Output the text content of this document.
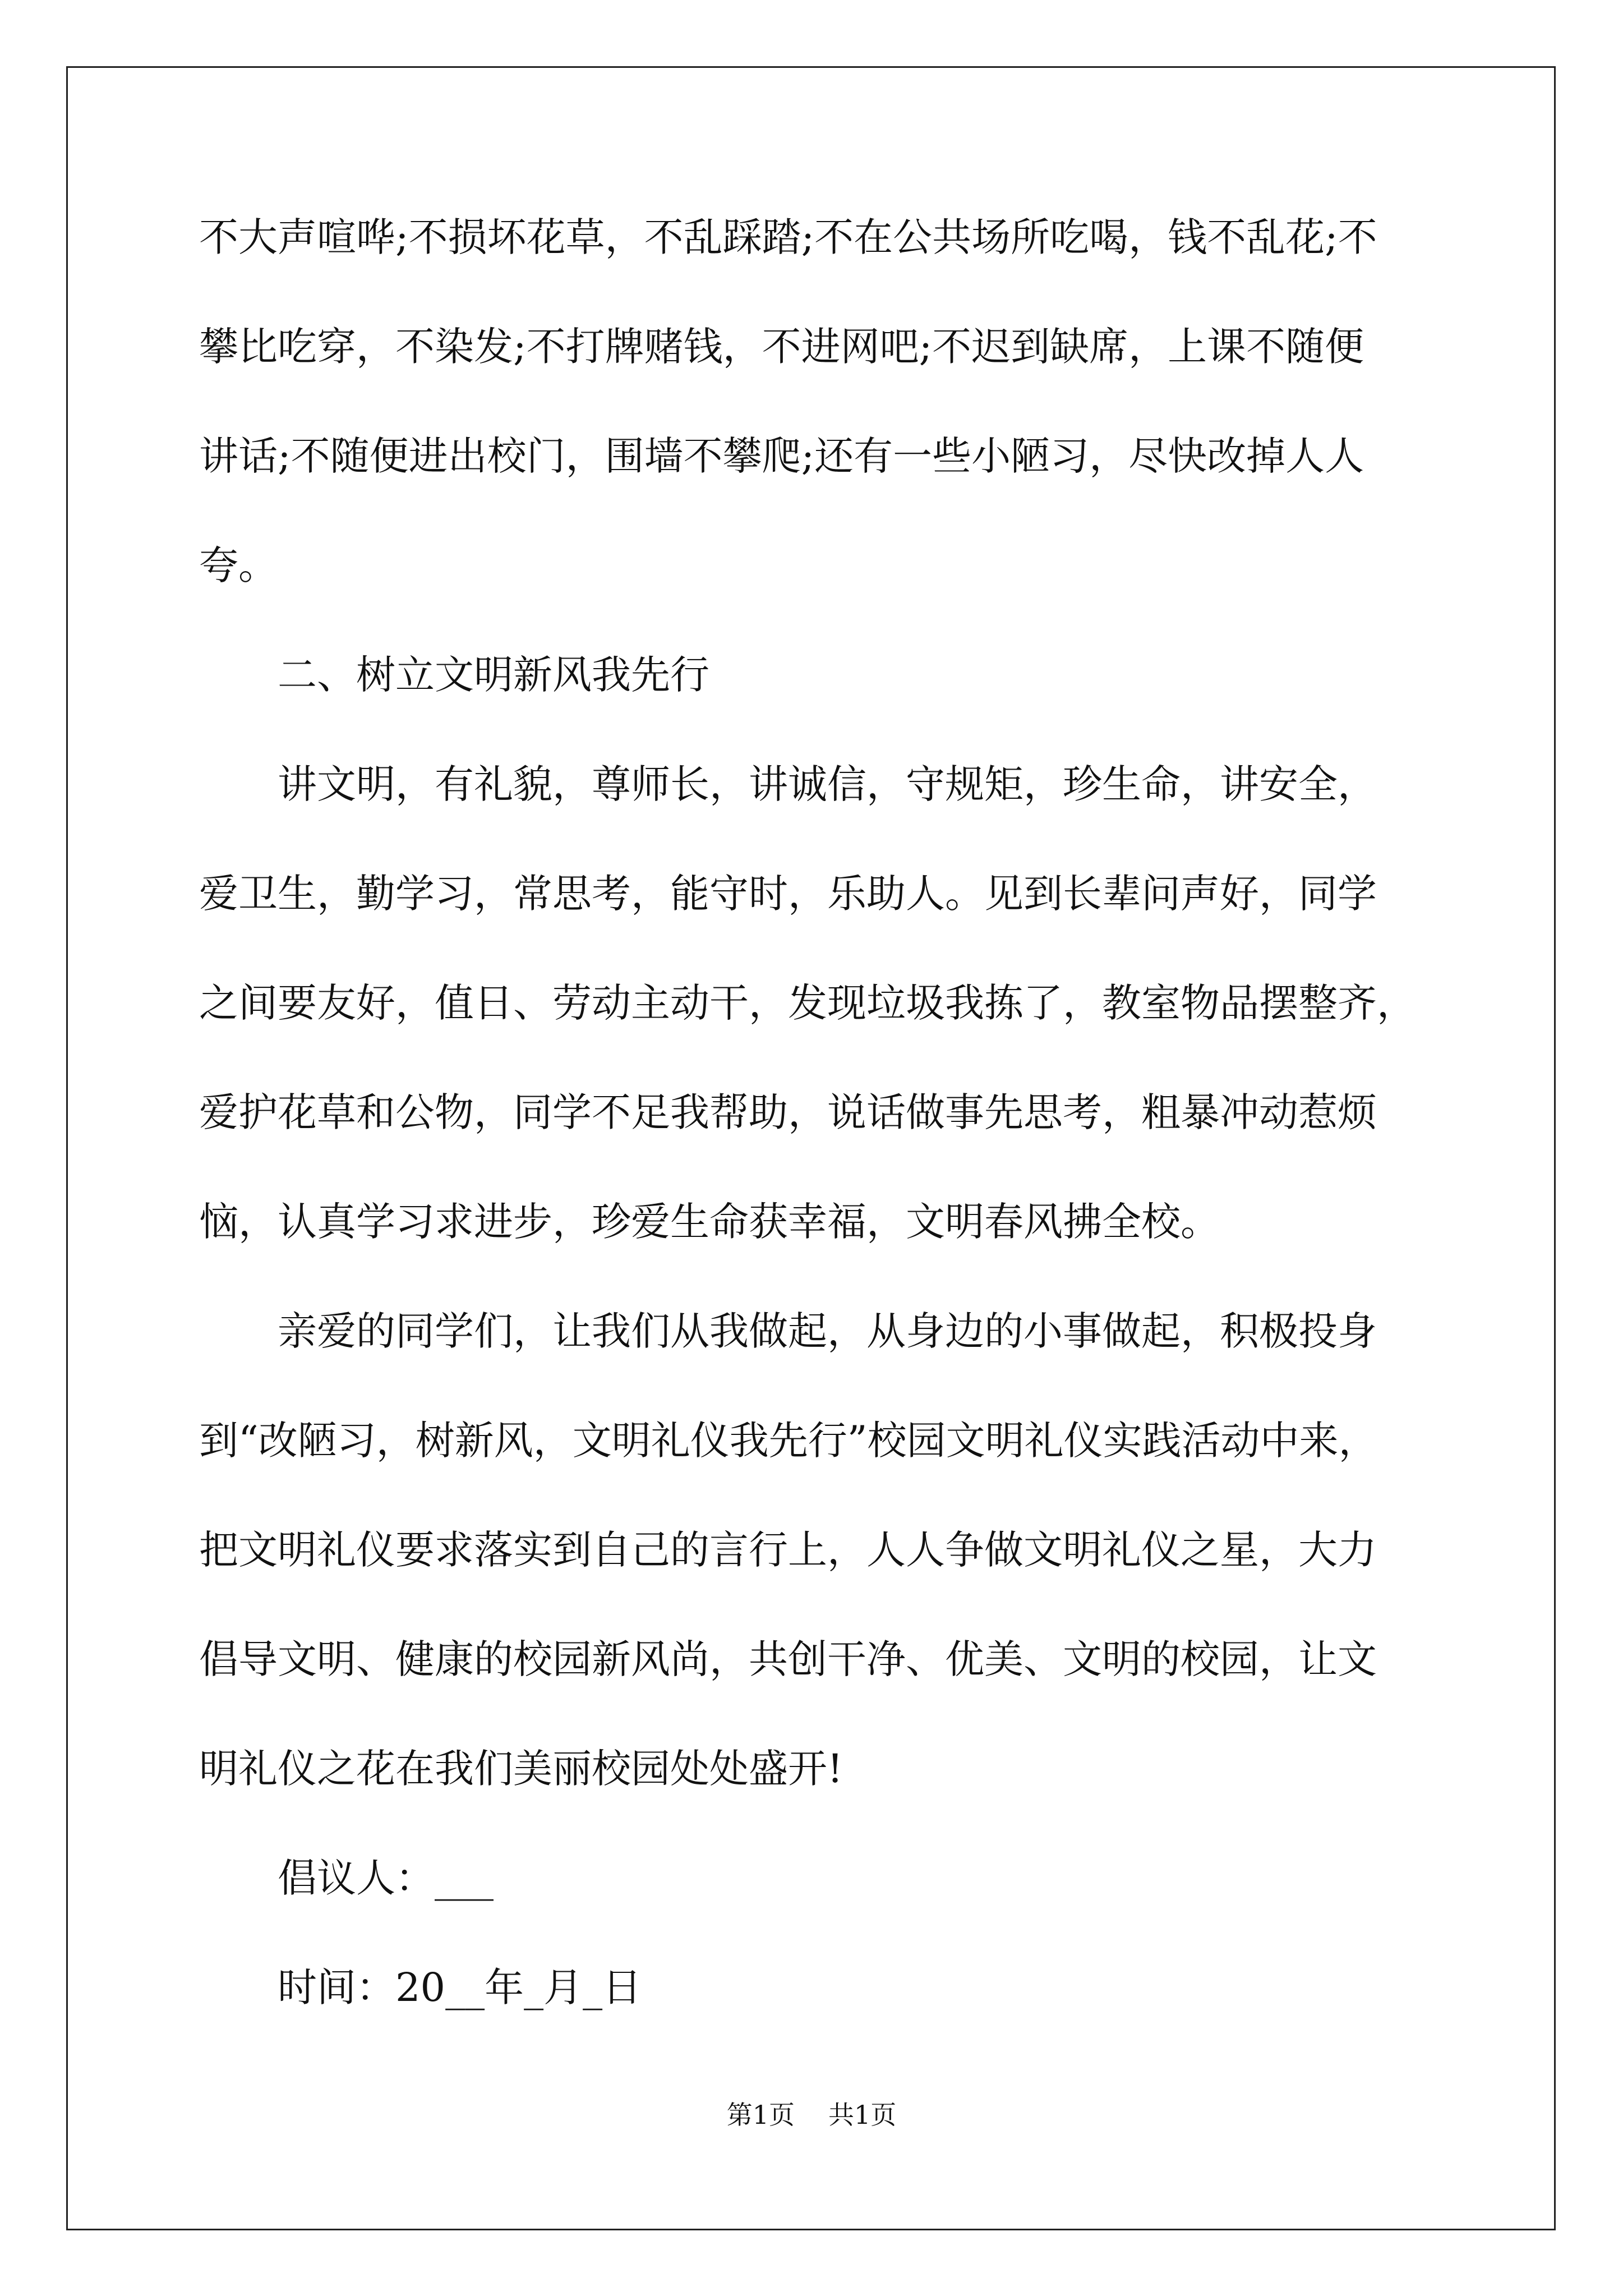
不大声喧哗;不损坏花草，不乱踩踏;不在公共场所吃喝，钱不乱花;不
攀比吃穿，不染发;不打牌赌钱，不进网吧;不迟到缺席，上课不随便
讲话;不随便进出校门，围墙不攀爬;还有一些小陋习，尽快改掉人人
夸。
二、树立文明新风我先行
讲文明，有礼貌，尊师长，讲诚信，守规矩，珍生命，讲安全，
爱卫生，勤学习，常思考，能守时，乐助人。见到长辈问声好，同学
之间要友好，值日、劳动主动干，发现垃圾我拣了，教室物品摆整齐，
爱护花草和公物，同学不足我帮助，说话做事先思考，粗暴冲动惹烦
恼，认真学习求进步，珍爱生命获幸福，文明春风拂全校。
亲爱的同学们，让我们从我做起，从身边的小事做起，积极投身
到“改陋习，树新风，文明礼仪我先行”校园文明礼仪实践活动中来，
把文明礼仪要求落实到自己的言行上，人人争做文明礼仪之星，大力
倡导文明、健康的校园新风尚，共创干净、优美、文明的校园，让文
明礼仪之花在我们美丽校园处处盛开!
倡议人：___
时间：20__年_月_日
第1页 共1页
